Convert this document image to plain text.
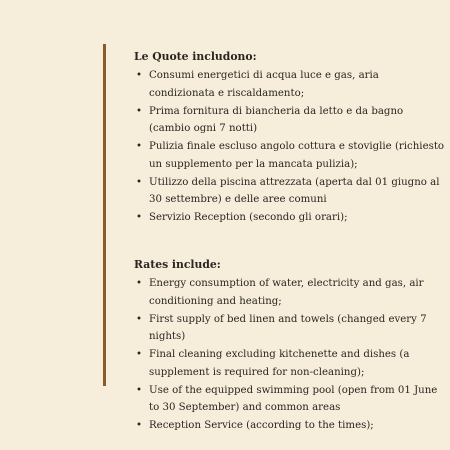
Le Quote includono:
• Consumi energetici di acqua luce e gas, aria condizionata e riscaldamento;
• Prima fornitura di biancheria da letto e da bagno (cambio ogni 7 notti)
• Pulizia finale escluso angolo cottura e stoviglie (richiesto un supplemento per la mancata pulizia);
• Utilizzo della piscina attrezzata (aperta dal 01 giugno al 30 settembre) e delle aree comuni
• Servizio Reception (secondo gli orari);
Rates include:
• Energy consumption of water, electricity and gas, air conditioning and heating;
• First supply of bed linen and towels (changed every 7 nights)
• Final cleaning excluding kitchenette and dishes (a supplement is required for non-cleaning);
• Use of the equipped swimming pool (open from 01 June to 30 September) and common areas
• Reception Service (according to the times);
